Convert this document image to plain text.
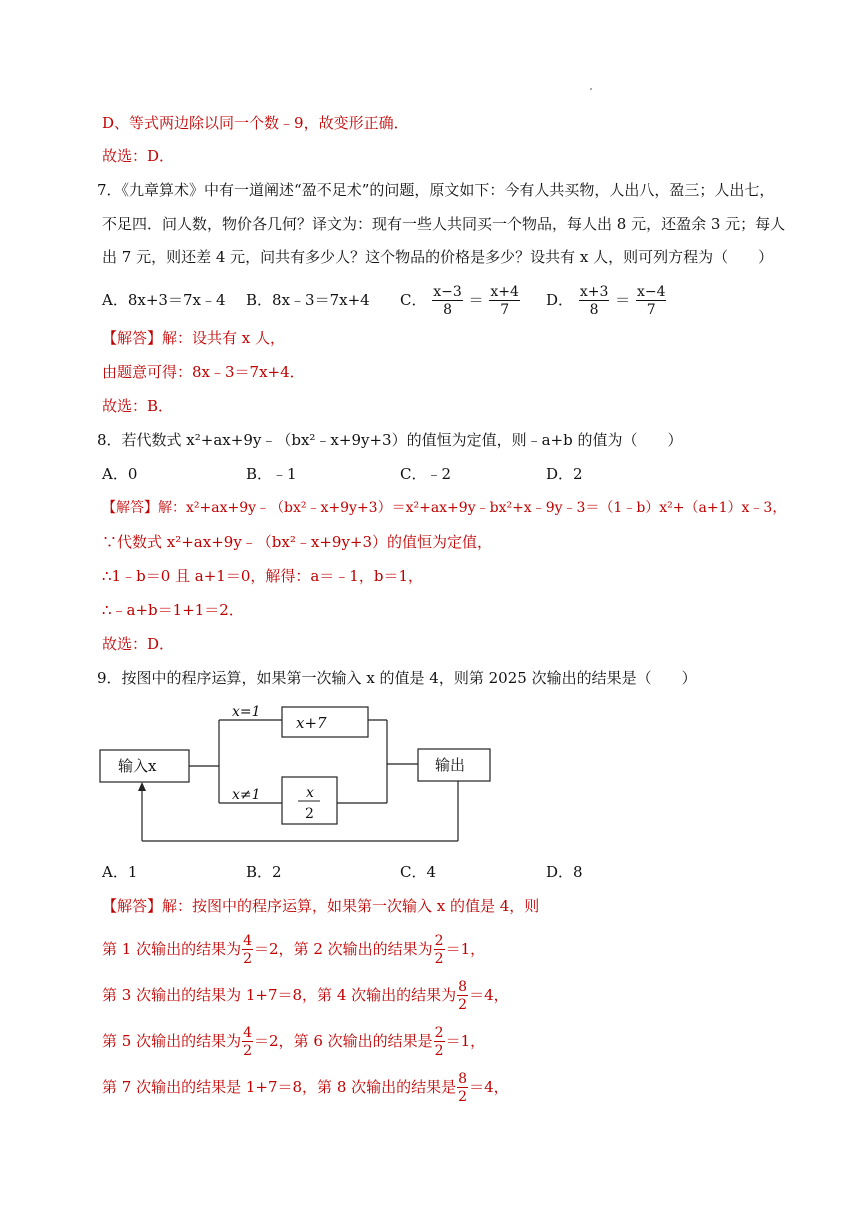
D、等式两边除以同一个数﹣9，故变形正确．
故选：D．
7．《九章算术》中有一道阐述“盈不足术”的问题，原文如下：今有人共买物，人出八，盈三；人出七，
不足四．问人数，物价各几何？译文为：现有一些人共同买一个物品，每人出 8 元，还盈余 3 元；每人
出 7 元，则还差 4 元，问共有多少人？这个物品的价格是多少？设共有 x 人，则可列方程为（　　）
A．8x+3＝7x﹣4 B．8x﹣3＝7x+4 C． $\frac{x-3}{8} = \frac{x+4}{7}$ D． $\frac{x+3}{8} = \frac{x-4}{7}$
【解答】解：设共有 x 人，
由题意可得：8x﹣3＝7x+4．
故选：B．
8．若代数式 x²+ax+9y﹣（bx²﹣x+9y+3）的值恒为定值，则﹣a+b 的值为（　　）
A．0	B．﹣1	C．﹣2	D．2
【解答】解：x²+ax+9y﹣（bx²﹣x+9y+3）＝x²+ax+9y﹣bx²+x﹣9y﹣3＝（1﹣b）x²+（a+1）x﹣3，
∵代数式 x²+ax+9y﹣（bx²﹣x+9y+3）的值恒为定值，
∴1﹣b＝0 且 a+1＝0，解得：a＝﹣1，b＝1，
∴﹣a+b＝1+1＝2．
故选：D．
9．按图中的程序运算，如果第一次输入 x 的值是 4，则第 2025 次输出的结果是（　　）
输入x	输出
x=1
x≠1
x+7
x
2
A．1	B．2	C．4	D．8
【解答】解：按图中的程序运算，如果第一次输入 x 的值是 4，则
第 1 次输出的结果为 $\frac{4}{2} =2$，第 2 次输出的结果为 $\frac{2}{2} =1$，
第 3 次输出的结果为 1+7＝8，第 4 次输出的结果为 $\frac{8}{2} =4$，
第 5 次输出的结果为 $\frac{4}{2} =2$，第 6 次输出的结果是 $\frac{2}{2} =1$，
第 7 次输出的结果是 1+7＝8，第 8 次输出的结果是 $\frac{8}{2} =4$，
